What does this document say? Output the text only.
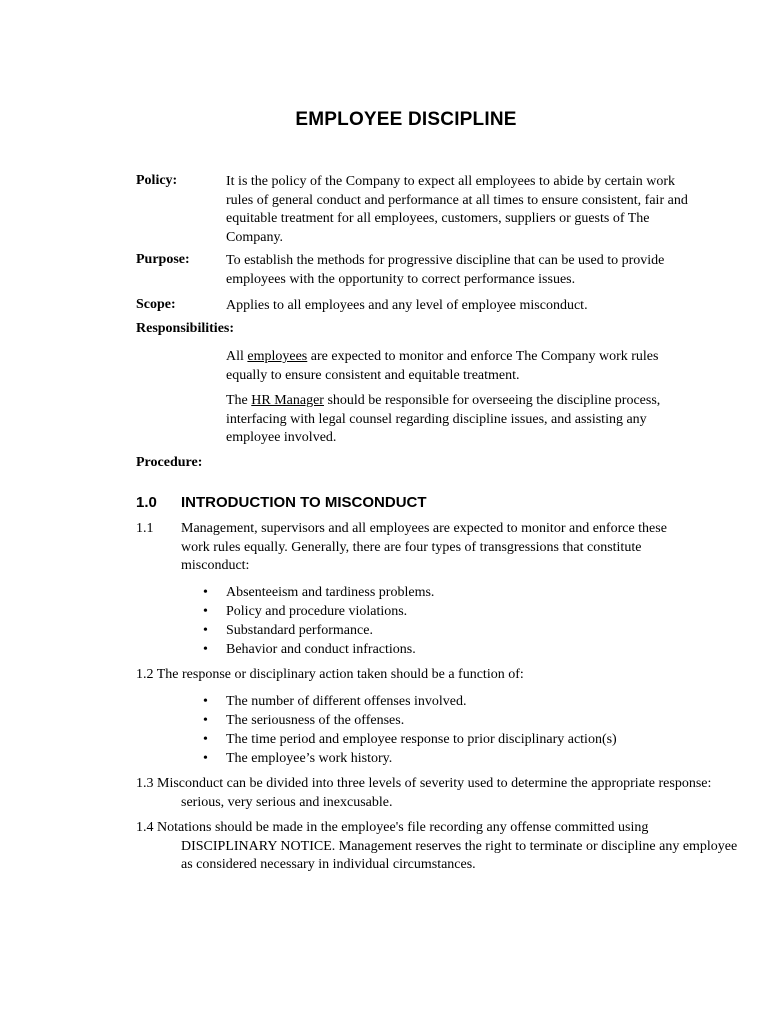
EMPLOYEE DISCIPLINE
Policy:	It is the policy of the Company to expect all employees to abide by certain work rules of general conduct and performance at all times to ensure consistent, fair and equitable treatment for all employees, customers, suppliers or guests of The Company.
Purpose:	To establish the methods for progressive discipline that can be used to provide employees with the opportunity to correct performance issues.
Scope:	Applies to all employees and any level of employee misconduct.
Responsibilities:
All employees are expected to monitor and enforce The Company work rules equally to ensure consistent and equitable treatment.
The HR Manager should be responsible for overseeing the discipline process, interfacing with legal counsel regarding discipline issues, and assisting any employee involved.
Procedure:
1.0 INTRODUCTION TO MISCONDUCT
1.1 Management, supervisors and all employees are expected to monitor and enforce these work rules equally. Generally, there are four types of transgressions that constitute misconduct:
• Absenteeism and tardiness problems.
• Policy and procedure violations.
• Substandard performance.
• Behavior and conduct infractions.
1.2 The response or disciplinary action taken should be a function of:
• The number of different offenses involved.
• The seriousness of the offenses.
• The time period and employee response to prior disciplinary action(s)
• The employee’s work history.
1.3 Misconduct can be divided into three levels of severity used to determine the appropriate response: serious, very serious and inexcusable.
1.4 Notations should be made in the employee's file recording any offense committed using DISCIPLINARY NOTICE. Management reserves the right to terminate or discipline any employee as considered necessary in individual circumstances.
